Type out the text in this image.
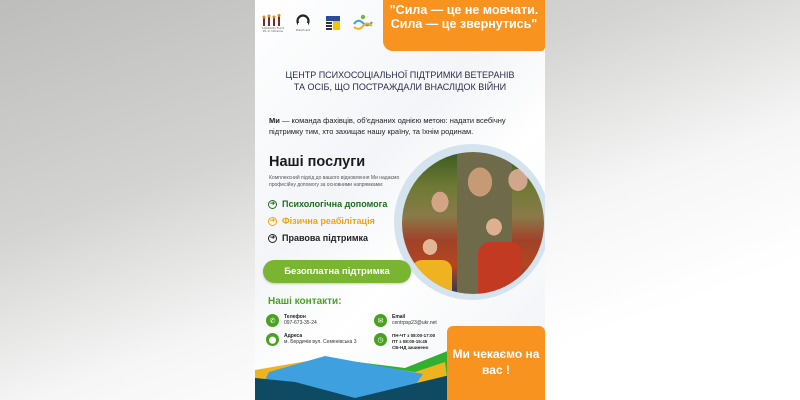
Solidarity Fund PL in Ukraine	Polish aid
"Сила — це не мовчати. Сила — це звернутись"
ЦЕНТР ПСИХОСОЦІАЛЬНОЇ ПІДТРИМКИ ВЕТЕРАНІВ ТА ОСІБ, ЩО ПОСТРАЖДАЛИ ВНАСЛІДОК ВІЙНИ
Ми — команда фахівців, об'єднаних однією метою: надати всебічну підтримку тим, хто захищає нашу країну, та їхнім родинам.
Наші послуги
Комплексний підхід до вашого відновлення Ми надаємо професійну допомогу за основними напрямками:
➜ Психологічна допомога
➜ Фізична реабілітація
➜ Правова підтримка
Безоплатна підтримка
Наші контакти:
✆
Телефон
097-673-35-24
⬤
Адреса
м. Бердичів вул. Семенівська 3
✉
Email
centrpsp23@ukr.net
◷
ПН-ЧТ з 08:00-17:00
ПТ з 08:00-15:45
СБ-НД зачинено	Ми чекаємо на вас !
